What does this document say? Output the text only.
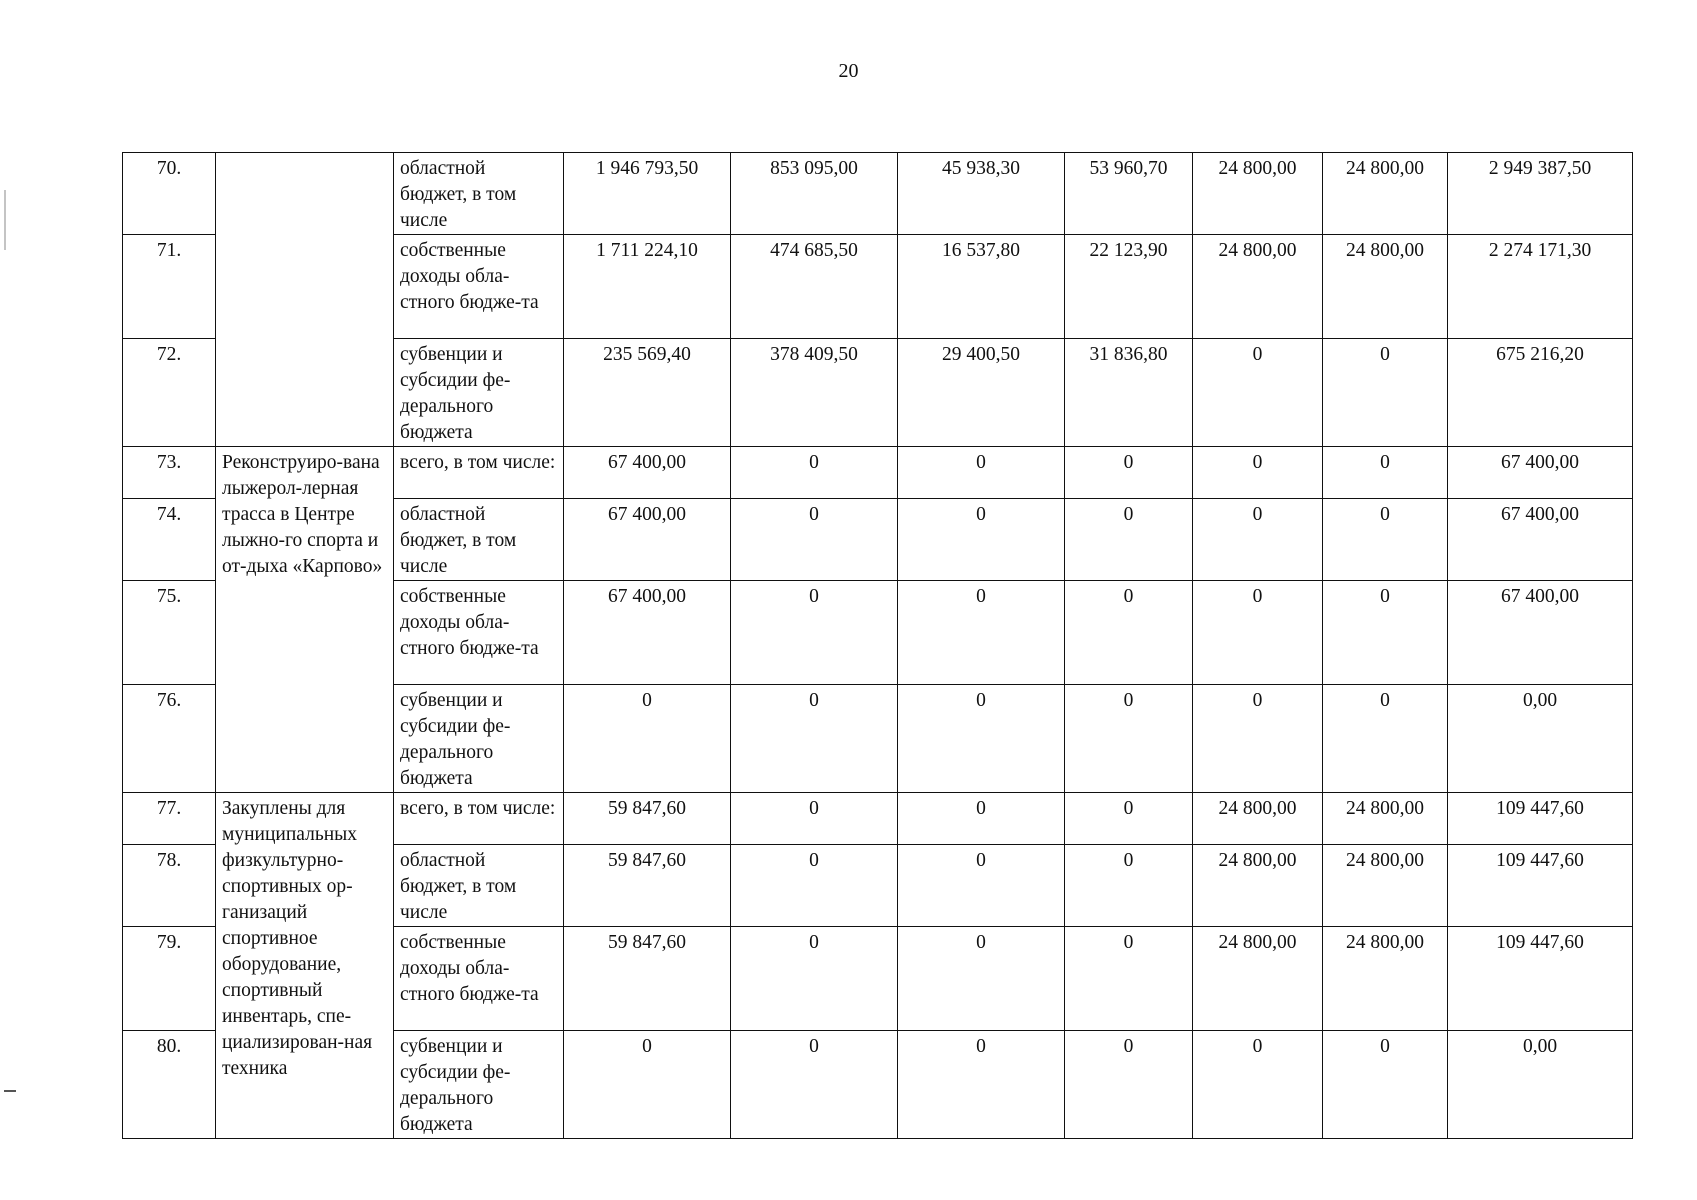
20
70.		областной бюджет, в том числе	1 946 793,50	853 095,00	45 938,30	53 960,70	24 800,00	24 800,00	2 949 387,50
71.		собственные доходы обла-стного бюдже-та	1 711 224,10	474 685,50	16 537,80	22 123,90	24 800,00	24 800,00	2 274 171,30
72.		субвенции и субсидии фе-дерального бюджета	235 569,40	378 409,50	29 400,50	31 836,80	0	0	675 216,20
73.	Реконструиро-вана лыжерол-лерная трасса в Центре лыжно-го спорта и от-дыха «Карпово»	всего, в том числе:	67 400,00	0	0	0	0	0	67 400,00
74.		областной бюджет, в том числе	67 400,00	0	0	0	0	0	67 400,00
75.		собственные доходы обла-стного бюдже-та	67 400,00	0	0	0	0	0	67 400,00
76.		субвенции и субсидии фе-дерального бюджета	0	0	0	0	0	0	0,00
77.	Закуплены для муниципальных физкультурно-спортивных ор-ганизаций спортивное оборудование, спортивный инвентарь, спе-циализирован-ная техника	всего, в том числе:	59 847,60	0	0	0	24 800,00	24 800,00	109 447,60
78.		областной бюджет, в том числе	59 847,60	0	0	0	24 800,00	24 800,00	109 447,60
79.		собственные доходы обла-стного бюдже-та	59 847,60	0	0	0	24 800,00	24 800,00	109 447,60
80.		субвенции и субсидии фе-дерального бюджета	0	0	0	0	0	0	0,00
